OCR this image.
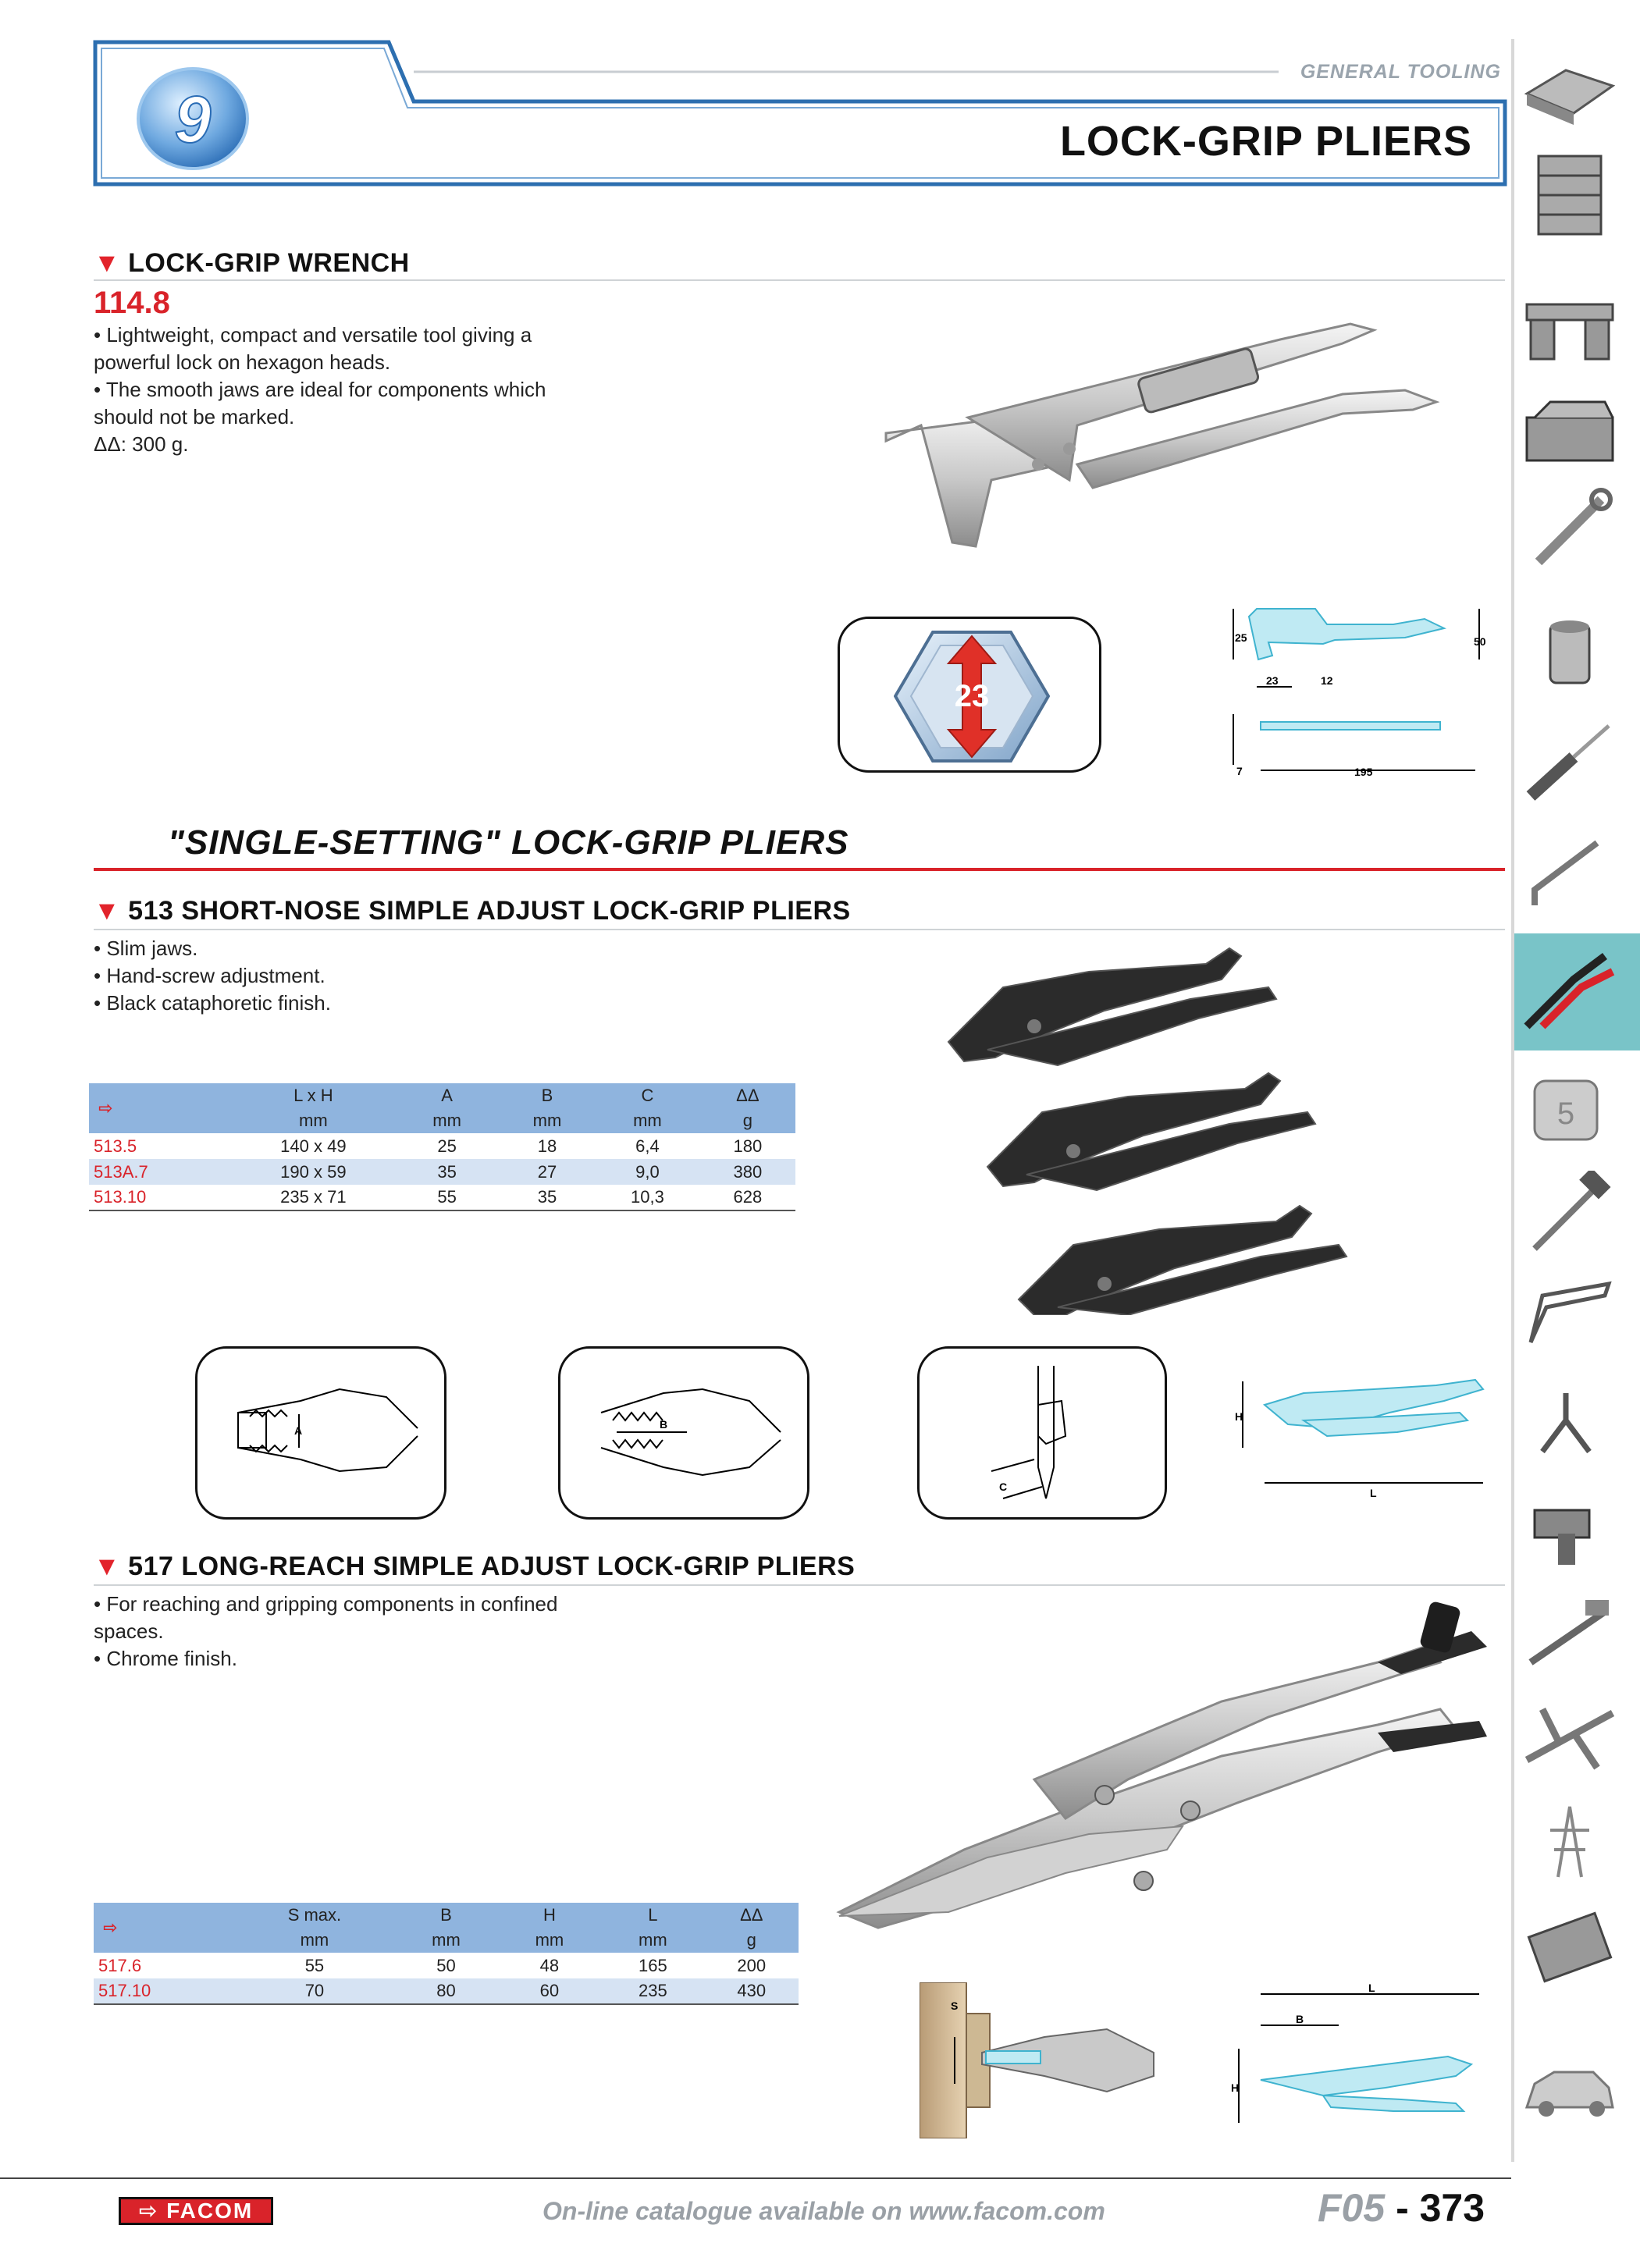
9
GENERAL TOOLING
LOCK-GRIP PLIERS
5
▼ LOCK-GRIP WRENCH
114.8
• Lightweight, compact and versatile tool giving a
powerful lock on hexagon heads.
• The smooth jaws are ideal for components which
should not be marked.
ΔΔ: 300 g.
23
25	50
23	12
7	195
"SINGLE-SETTING" LOCK-GRIP PLIERS
▼ 513 SHORT-NOSE SIMPLE ADJUST LOCK-GRIP PLIERS
• Slim jaws.
• Hand-screw adjustment.
• Black cataphoretic finish.
⇨	L x H	A	B	C	ΔΔ
	mm	mm	mm	mm	g
513.5	140 x 49	25	18	6,4	180
513A.7	190 x 59	35	27	9,0	380
513.10	235 x 71	55	35	10,3	628
A	B
C
H
L
▼ 517 LONG-REACH SIMPLE ADJUST LOCK-GRIP PLIERS
• For reaching and gripping components in confined
spaces.
• Chrome finish.
⇨	S max.	B	H	L	ΔΔ
	mm	mm	mm	mm	g
517.6	55	50	48	165	200
517.10	70	80	60	235	430
S
L
B
H
⇨ FACOM	On-line catalogue available on www.facom.com	F05 - 373
